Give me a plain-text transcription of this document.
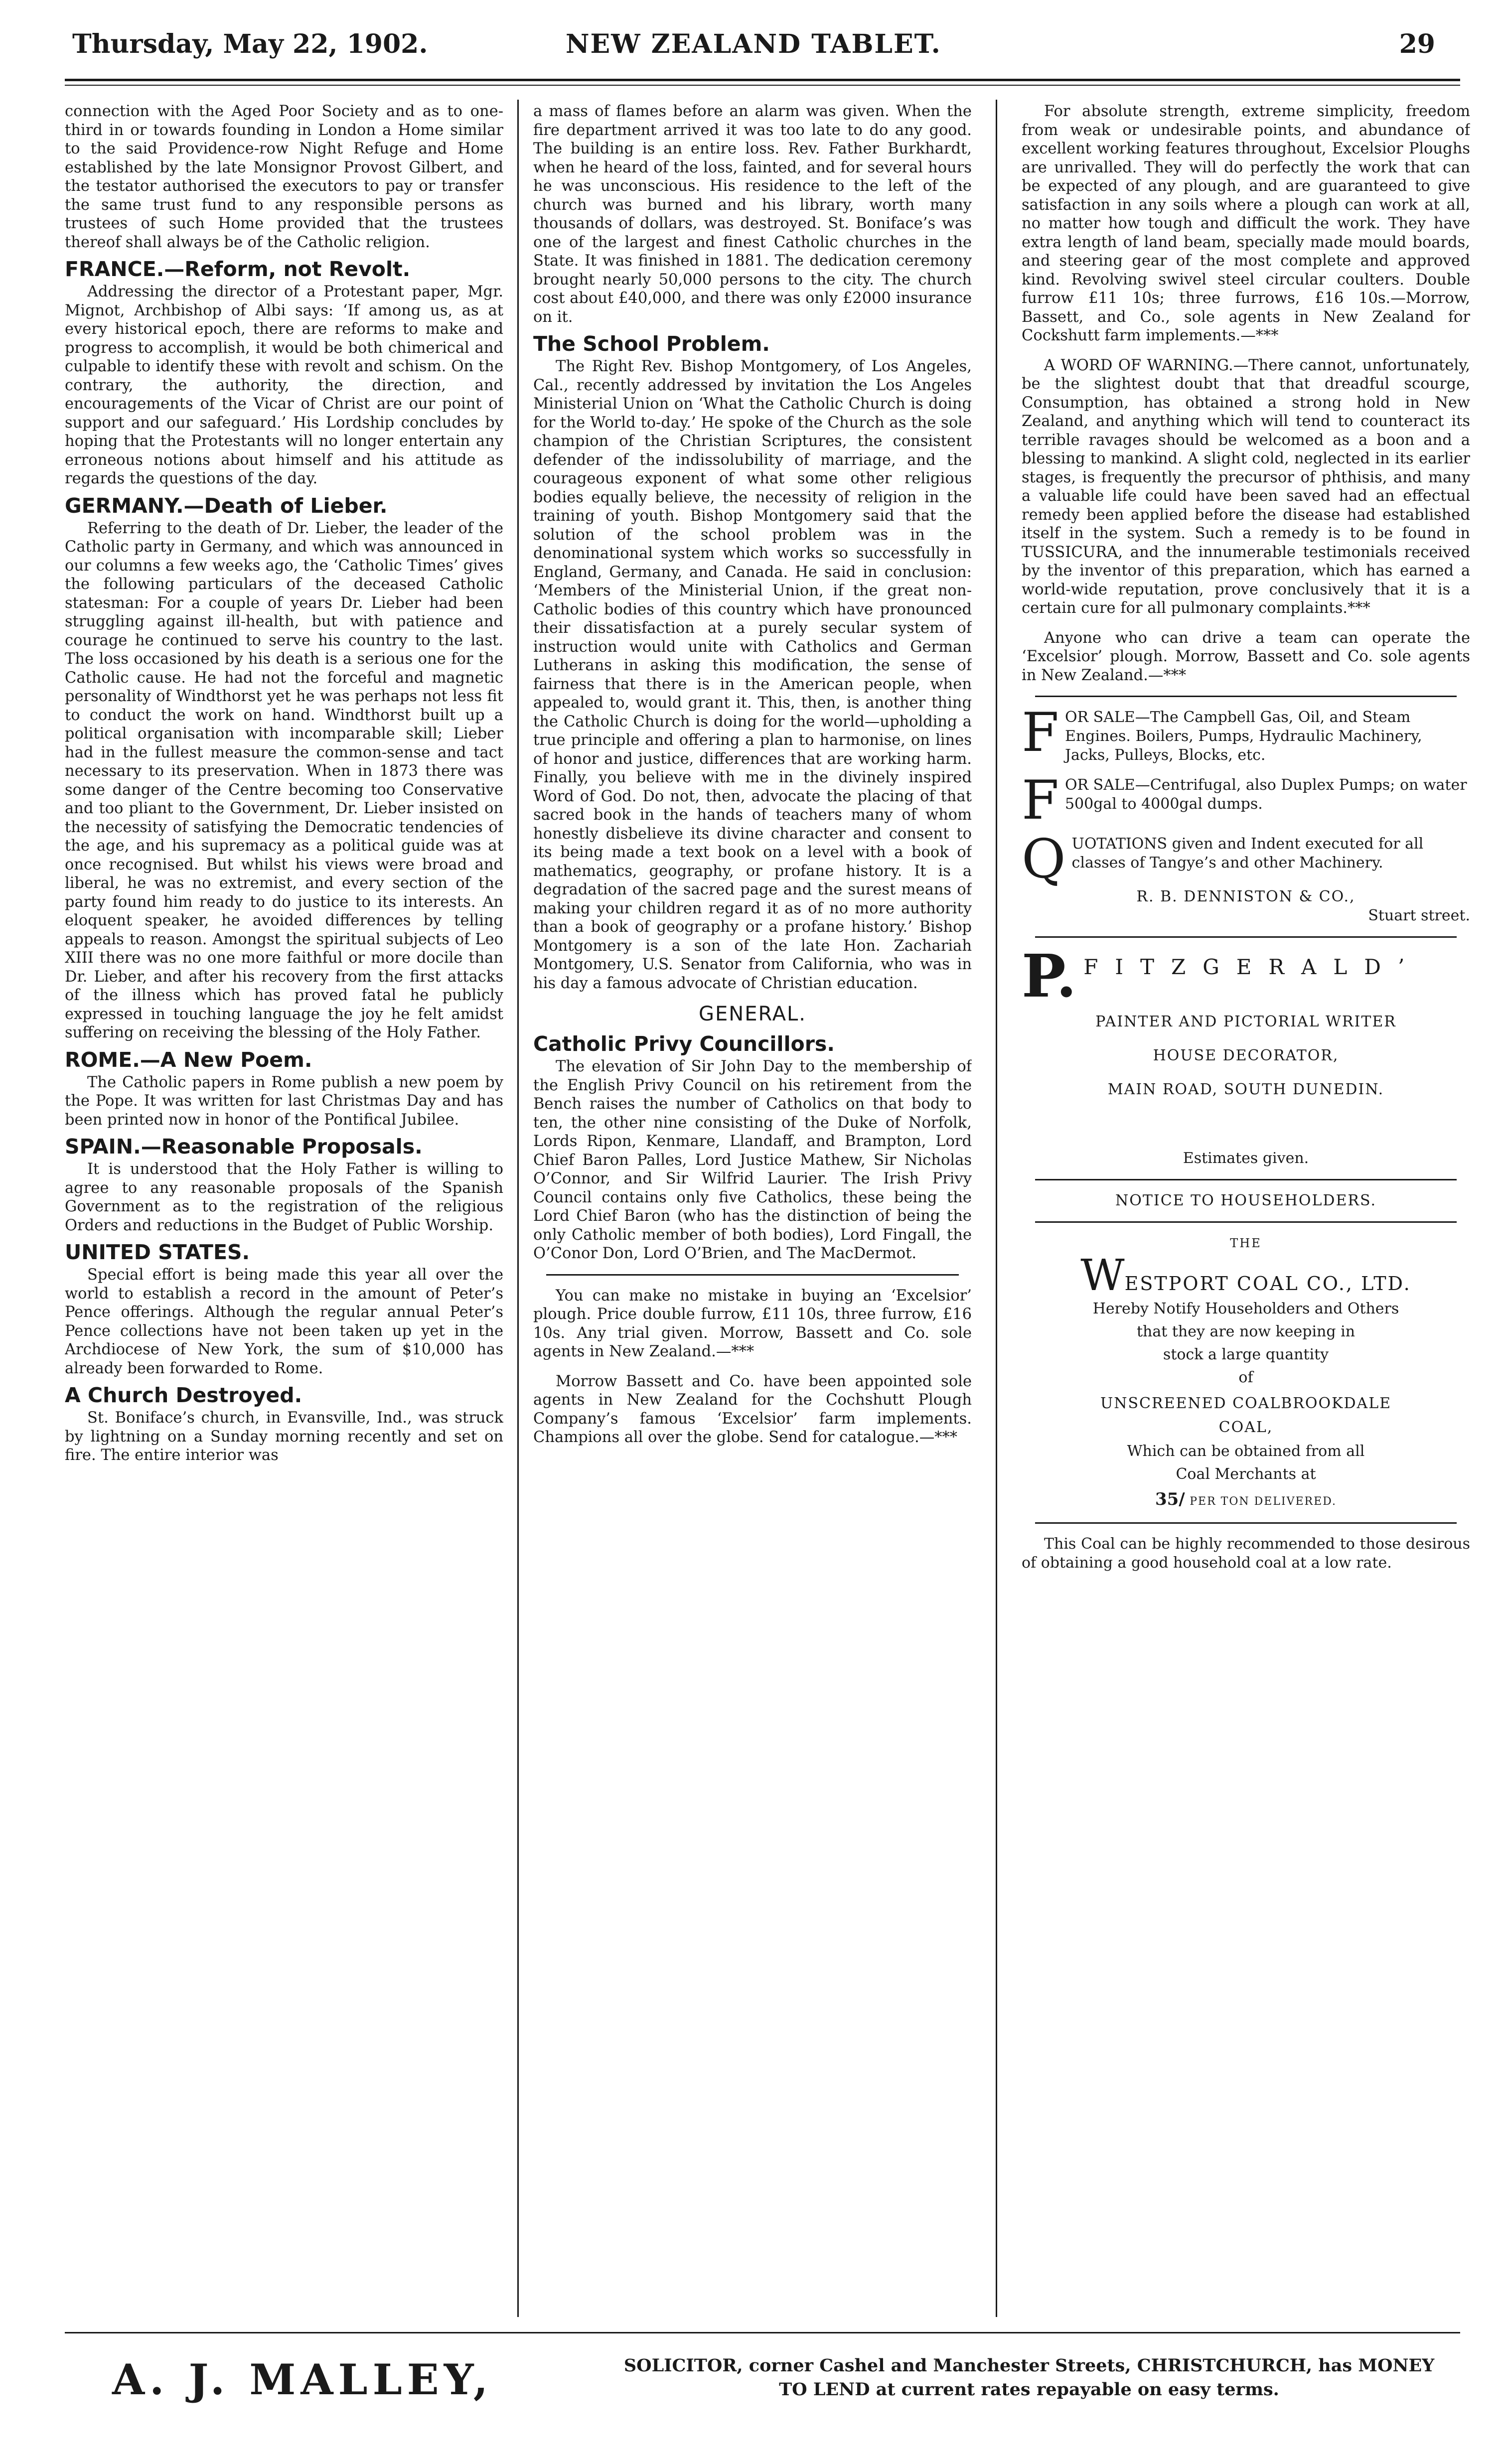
Thursday, May 22, 1902.	NEW ZEALAND TABLET.	29

connection with the Aged Poor Society and as to one-third in or towards founding in London a Home similar to the said Providence-row Night Refuge and Home established by the late Monsignor Provost Gilbert, and the testator authorised the executors to pay or transfer the same trust fund to any responsible persons as trustees of such Home provided that the trustees thereof shall always be of the Catholic religion.

FRANCE.—Reform, not Revolt.

Addressing the director of a Protestant paper, Mgr. Mignot, Archbishop of Albi says: ‘If among us, as at every historical epoch, there are reforms to make and progress to accomplish, it would be both chimerical and culpable to identify these with revolt and schism. On the contrary, the authority, the direction, and encouragements of the Vicar of Christ are our point of support and our safeguard.’ His Lordship concludes by hoping that the Protestants will no longer entertain any erroneous notions about himself and his attitude as regards the questions of the day.

GERMANY.—Death of Lieber.

Referring to the death of Dr. Lieber, the leader of the Catholic party in Germany, and which was announced in our columns a few weeks ago, the ‘Catholic Times’ gives the following particulars of the deceased Catholic statesman: For a couple of years Dr. Lieber had been struggling against ill-health, but with patience and courage he continued to serve his country to the last. The loss occasioned by his death is a serious one for the Catholic cause. He had not the forceful and magnetic personality of Windthorst yet he was perhaps not less fit to conduct the work on hand. Windthorst built up a political organisation with incomparable skill; Lieber had in the fullest measure the common-sense and tact necessary to its preservation. When in 1873 there was some danger of the Centre becoming too Conservative and too pliant to the Government, Dr. Lieber insisted on the necessity of satisfying the Democratic tendencies of the age, and his supremacy as a political guide was at once recognised. But whilst his views were broad and liberal, he was no extremist, and every section of the party found him ready to do justice to its interests. An eloquent speaker, he avoided differences by telling appeals to reason. Amongst the spiritual subjects of Leo XIII there was no one more faithful or more docile than Dr. Lieber, and after his recovery from the first attacks of the illness which has proved fatal he publicly expressed in touching language the joy he felt amidst suffering on receiving the blessing of the Holy Father.

ROME.—A New Poem.

The Catholic papers in Rome publish a new poem by the Pope. It was written for last Christmas Day and has been printed now in honor of the Pontifical Jubilee.

SPAIN.—Reasonable Proposals.

It is understood that the Holy Father is willing to agree to any reasonable proposals of the Spanish Government as to the registration of the religious Orders and reductions in the Budget of Public Worship.

UNITED STATES.

Special effort is being made this year all over the world to establish a record in the amount of Peter’s Pence offerings. Although the regular annual Peter’s Pence collections have not been taken up yet in the Archdiocese of New York, the sum of $10,000 has already been forwarded to Rome.

A Church Destroyed.

St. Boniface’s church, in Evansville, Ind., was struck by lightning on a Sunday morning recently and set on fire. The entire interior was

a mass of flames before an alarm was given. When the fire department arrived it was too late to do any good. The building is an entire loss. Rev. Father Burkhardt, when he heard of the loss, fainted, and for several hours he was unconscious. His residence to the left of the church was burned and his library, worth many thousands of dollars, was destroyed. St. Boniface’s was one of the largest and finest Catholic churches in the State. It was finished in 1881. The dedication ceremony brought nearly 50,000 persons to the city. The church cost about £40,000, and there was only £2000 insurance on it.

The School Problem.

The Right Rev. Bishop Montgomery, of Los Angeles, Cal., recently addressed by invitation the Los Angeles Ministerial Union on ‘What the Catholic Church is doing for the World to-day.’ He spoke of the Church as the sole champion of the Christian Scriptures, the consistent defender of the indissolubility of marriage, and the courageous exponent of what some other religious bodies equally believe, the necessity of religion in the training of youth. Bishop Montgomery said that the solution of the school problem was in the denominational system which works so successfully in England, Germany, and Canada. He said in conclusion: ‘Members of the Ministerial Union, if the great non-Catholic bodies of this country which have pronounced their dissatisfaction at a purely secular system of instruction would unite with Catholics and German Lutherans in asking this modification, the sense of fairness that there is in the American people, when appealed to, would grant it. This, then, is another thing the Catholic Church is doing for the world—upholding a true principle and offering a plan to harmonise, on lines of honor and justice, differences that are working harm. Finally, you believe with me in the divinely inspired Word of God. Do not, then, advocate the placing of that sacred book in the hands of teachers many of whom honestly disbelieve its divine character and consent to its being made a text book on a level with a book of mathematics, geography, or profane history. It is a degradation of the sacred page and the surest means of making your children regard it as of no more authority than a book of geography or a profane history.’ Bishop Montgomery is a son of the late Hon. Zachariah Montgomery, U.S. Senator from California, who was in his day a famous advocate of Christian education.

GENERAL.
Catholic Privy Councillors.

The elevation of Sir John Day to the membership of the English Privy Council on his retirement from the Bench raises the number of Catholics on that body to ten, the other nine consisting of the Duke of Norfolk, Lords Ripon, Kenmare, Llandaff, and Brampton, Lord Chief Baron Palles, Lord Justice Mathew, Sir Nicholas O’Connor, and Sir Wilfrid Laurier. The Irish Privy Council contains only five Catholics, these being the Lord Chief Baron (who has the distinction of being the only Catholic member of both bodies), Lord Fingall, the O’Conor Don, Lord O’Brien, and The MacDermot.

You can make no mistake in buying an ‘Excelsior’ plough. Price double furrow, £11 10s, three furrow, £16 10s. Any trial given. Morrow, Bassett and Co. sole agents in New Zealand.—***

Morrow Bassett and Co. have been appointed sole agents in New Zealand for the Cochshutt Plough Company’s famous ‘Excelsior’ farm implements. Champions all over the globe. Send for catalogue.—***

For absolute strength, extreme simplicity, freedom from weak or undesirable points, and abundance of excellent working features throughout, Excelsior Ploughs are unrivalled. They will do perfectly the work that can be expected of any plough, and are guaranteed to give satisfaction in any soils where a plough can work at all, no matter how tough and difficult the work. They have extra length of land beam, specially made mould boards, and steering gear of the most complete and approved kind. Revolving swivel steel circular coulters. Double furrow £11 10s; three furrows, £16 10s.—Morrow, Bassett, and Co., sole agents in New Zealand for Cockshutt farm implements.—***

A WORD OF WARNING.—There cannot, unfortunately, be the slightest doubt that that dreadful scourge, Consumption, has obtained a strong hold in New Zealand, and anything which will tend to counteract its terrible ravages should be welcomed as a boon and a blessing to mankind. A slight cold, neglected in its earlier stages, is frequently the precursor of phthisis, and many a valuable life could have been saved had an effectual remedy been applied before the disease had established itself in the system. Such a remedy is to be found in TUSSICURA, and the innumerable testimonials received by the inventor of this preparation, which has earned a world-wide reputation, prove conclusively that it is a certain cure for all pulmonary complaints.***

Anyone who can drive a team can operate the ‘Excelsior’ plough. Morrow, Bassett and Co. sole agents in New Zealand.—***

F OR SALE—The Campbell Gas, Oil, and Steam Engines. Boilers, Pumps, Hydraulic Machinery, Jacks, Pulleys, Blocks, etc.
F OR SALE—Centrifugal, also Duplex Pumps; on water 500gal to 4000gal dumps.
Q UOTATIONS given and Indent executed for all classes of Tangye’s and other Machinery.

R. B. DENNISTON & CO.,

Stuart street.

P. FITZGERALD’

PAINTER AND PICTORIAL WRITER

HOUSE DECORATOR,

MAIN ROAD, SOUTH DUNEDIN.

Estimates given.

NOTICE TO HOUSEHOLDERS.

THE

WESTPORT COAL CO., LTD.

Hereby Notify Householders and Others

that they are now keeping in

stock a large quantity

of

UNSCREENED COALBROOKDALE

COAL,

Which can be obtained from all

Coal Merchants at

35/ PER TON DELIVERED.

This Coal can be highly recommended to those desirous of obtaining a good household coal at a low rate.

A. J. MALLEY,	SOLICITOR, corner Cashel and Manchester Streets, CHRISTCHURCH, has MONEY
TO LEND at current rates repayable on easy terms.
